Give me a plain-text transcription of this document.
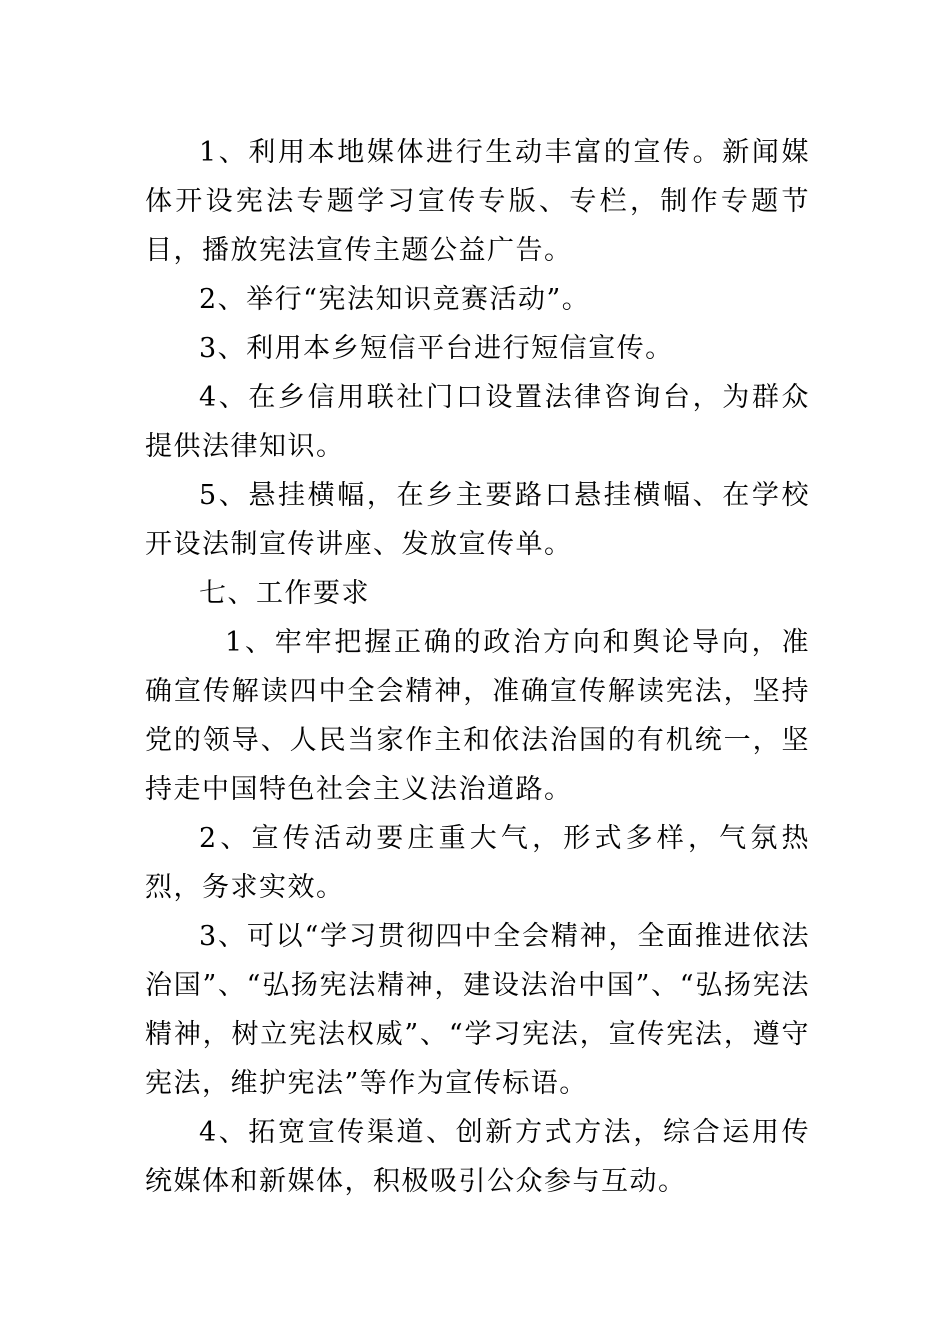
1、利用本地媒体进行生动丰富的宣传。新闻媒体开设宪法专题学习宣传专版、专栏，制作专题节目，播放宪法宣传主题公益广告。

2、举行“宪法知识竞赛活动”。

3、利用本乡短信平台进行短信宣传。

4、在乡信用联社门口设置法律咨询台，为群众提供法律知识。

5、悬挂横幅，在乡主要路口悬挂横幅、在学校开设法制宣传讲座、发放宣传单。

七、工作要求

1、牢牢把握正确的政治方向和舆论导向，准确宣传解读四中全会精神，准确宣传解读宪法，坚持党的领导、人民当家作主和依法治国的有机统一，坚持走中国特色社会主义法治道路。

2、宣传活动要庄重大气，形式多样，气氛热烈，务求实效。

3、可以“学习贯彻四中全会精神，全面推进依法治国”、“弘扬宪法精神，建设法治中国”、“弘扬宪法精神，树立宪法权威”、“学习宪法，宣传宪法，遵守宪法，维护宪法”等作为宣传标语。

4、拓宽宣传渠道、创新方式方法，综合运用传统媒体和新媒体，积极吸引公众参与互动。
